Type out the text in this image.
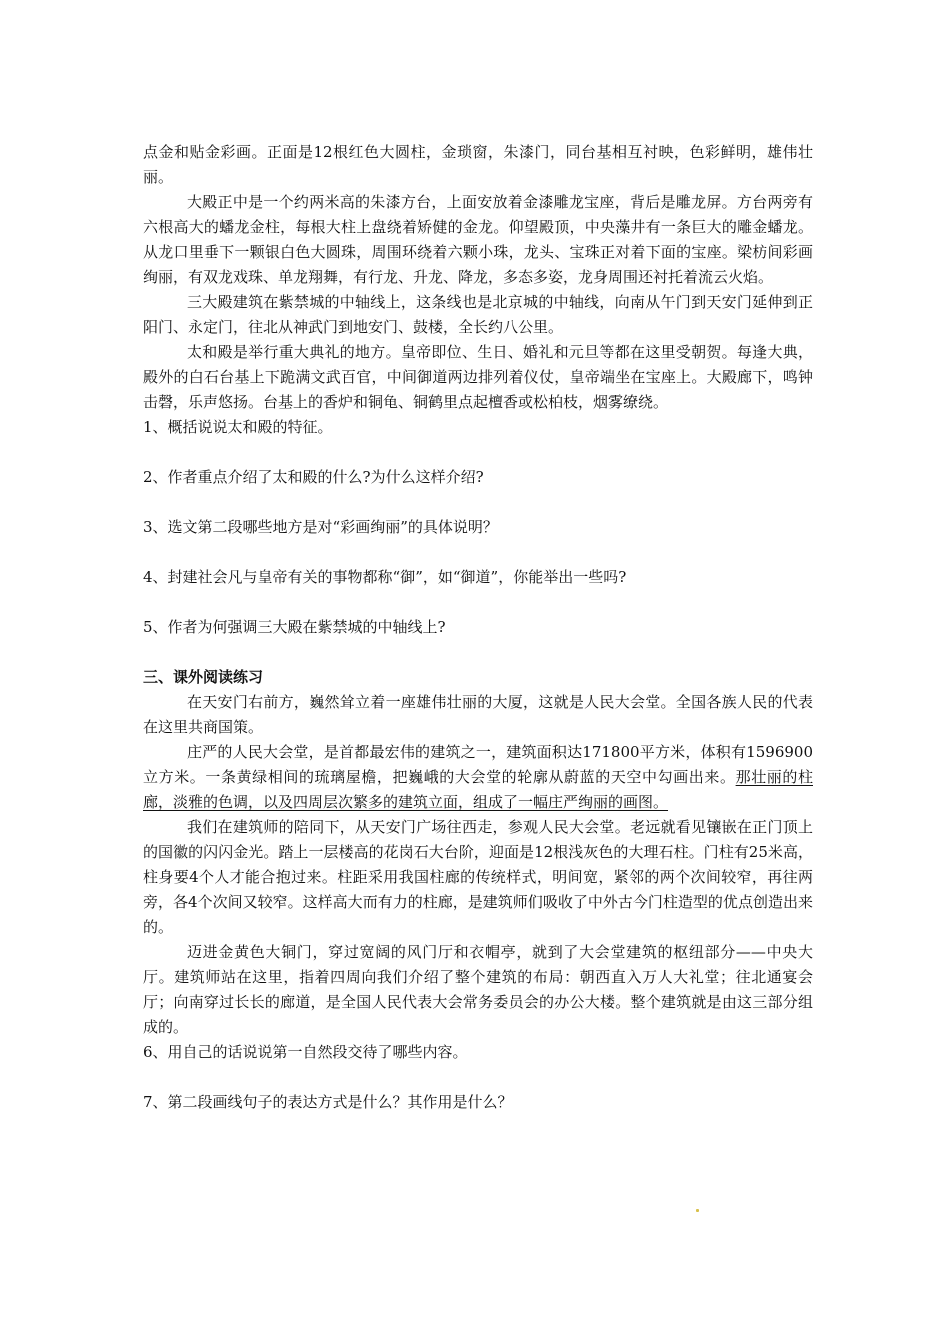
点金和贴金彩画。正面是12根红色大圆柱，金琐窗，朱漆门，同台基相互衬映，色彩鲜明，雄伟壮丽。

大殿正中是一个约两米高的朱漆方台，上面安放着金漆雕龙宝座，背后是雕龙屏。方台两旁有六根高大的蟠龙金柱，每根大柱上盘绕着矫健的金龙。仰望殿顶，中央藻井有一条巨大的雕金蟠龙。从龙口里垂下一颗银白色大圆珠，周围环绕着六颗小珠，龙头、宝珠正对着下面的宝座。梁枋间彩画绚丽，有双龙戏珠、单龙翔舞，有行龙、升龙、降龙，多态多姿，龙身周围还衬托着流云火焰。

三大殿建筑在紫禁城的中轴线上，这条线也是北京城的中轴线，向南从午门到天安门延伸到正阳门、永定门，往北从神武门到地安门、鼓楼，全长约八公里。

太和殿是举行重大典礼的地方。皇帝即位、生日、婚礼和元旦等都在这里受朝贺。每逢大典，殿外的白石台基上下跪满文武百官，中间御道两边排列着仪仗，皇帝端坐在宝座上。大殿廊下，鸣钟击磬，乐声悠扬。台基上的香炉和铜龟、铜鹤里点起檀香或松柏枝，烟雾缭绕。

1、概括说说太和殿的特征。

2、作者重点介绍了太和殿的什么?为什么这样介绍?

3、选文第二段哪些地方是对“彩画绚丽”的具体说明？

4、封建社会凡与皇帝有关的事物都称“御”，如“御道”，你能举出一些吗?

5、作者为何强调三大殿在紫禁城的中轴线上?

三、课外阅读练习

在天安门右前方，巍然耸立着一座雄伟壮丽的大厦，这就是人民大会堂。全国各族人民的代表在这里共商国策。

庄严的人民大会堂，是首都最宏伟的建筑之一，建筑面积达171800平方米，体积有1596900立方米。一条黄绿相间的琉璃屋檐，把巍峨的大会堂的轮廓从蔚蓝的天空中勾画出来。那壮丽的柱廊，淡雅的色调，以及四周层次繁多的建筑立面，组成了一幅庄严绚丽的画图。

我们在建筑师的陪同下，从天安门广场往西走，参观人民大会堂。老远就看见镶嵌在正门顶上的国徽的闪闪金光。踏上一层楼高的花岗石大台阶，迎面是12根浅灰色的大理石柱。门柱有25米高，柱身要4个人才能合抱过来。柱距采用我国柱廊的传统样式，明间宽，紧邻的两个次间较窄，再往两旁，各4个次间又较窄。这样高大而有力的柱廊，是建筑师们吸收了中外古今门柱造型的优点创造出来的。

迈进金黄色大铜门，穿过宽阔的风门厅和衣帽亭，就到了大会堂建筑的枢纽部分——中央大厅。建筑师站在这里，指着四周向我们介绍了整个建筑的布局：朝西直入万人大礼堂；往北通宴会厅；向南穿过长长的廊道，是全国人民代表大会常务委员会的办公大楼。整个建筑就是由这三部分组成的。

6、用自己的话说说第一自然段交待了哪些内容。

7、第二段画线句子的表达方式是什么？其作用是什么？
